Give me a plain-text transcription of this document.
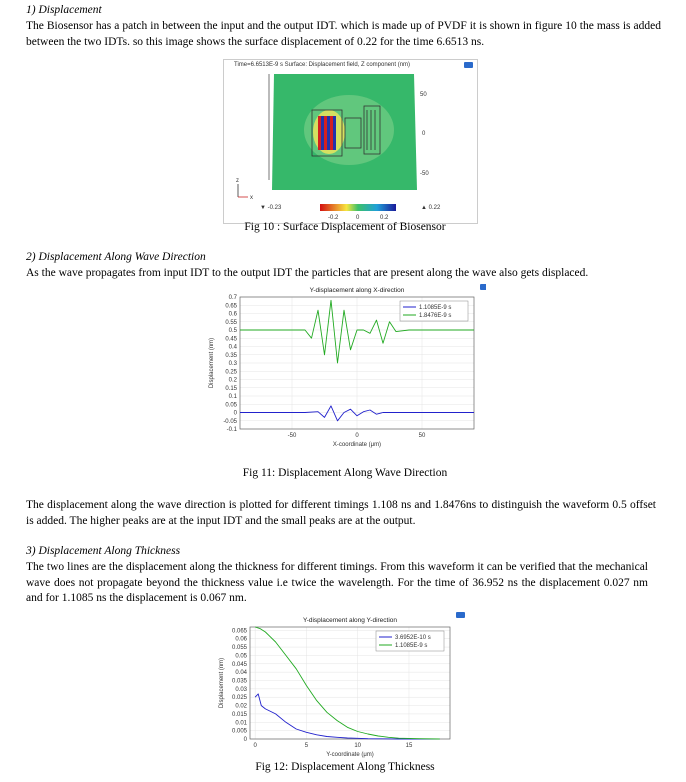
1) Displacement
The Biosensor has a patch in between the input and the output IDT. which is made up of PVDF it is shown in figure 10 the mass is added between the two IDTs. so this image shows the surface displacement of 0.22 for the time 6.6513 ns.
Time=6.6513E-9 s Surface: Displacement field, Z component (nm)
50
0
-50
z
x
▼ -0.23	▲ 0.22
-0.2	0	0.2
Fig 10 : Surface Displacement of Biosensor
2) Displacement Along Wave Direction
As the wave propagates from input IDT to the output IDT the particles that are present along the wave also gets displaced.
Y-displacement along X-direction
0.7
0.65
0.6
0.55
0.5
0.45
0.4
0.35
0.3
0.25
0.2
0.15
0.1
0.05
0
-0.05
-0.1
-50	0	50
X-coordinate (μm)
Displacement (nm)
1.1085E-9 s
1.8476E-9 s
Fig 11: Displacement Along Wave Direction
The displacement along the wave direction is plotted for different timings 1.108 ns and 1.8476ns to distinguish the waveform 0.5 offset is added. The higher peaks are at the input IDT and the small peaks are at the output.
3) Displacement Along Thickness
The two lines are the displacement along the thickness for different timings. From this waveform it can be verified that the mechanical wave does not propagate beyond the thickness value i.e twice the wavelength. For the time of 36.952 ns the displacement 0.027 nm and for 1.1085 ns the displacement is 0.067 nm.
Y-displacement along Y-direction
0.065
0.06
0.055
0.05
0.045
0.04
0.035
0.03
0.025
0.02
0.015
0.01
0.005
0
0	5	10	15
Y-coordinate (μm)
Displacement (nm)
3.6952E-10 s
1.1085E-9 s
Fig 12: Displacement Along Thickness
